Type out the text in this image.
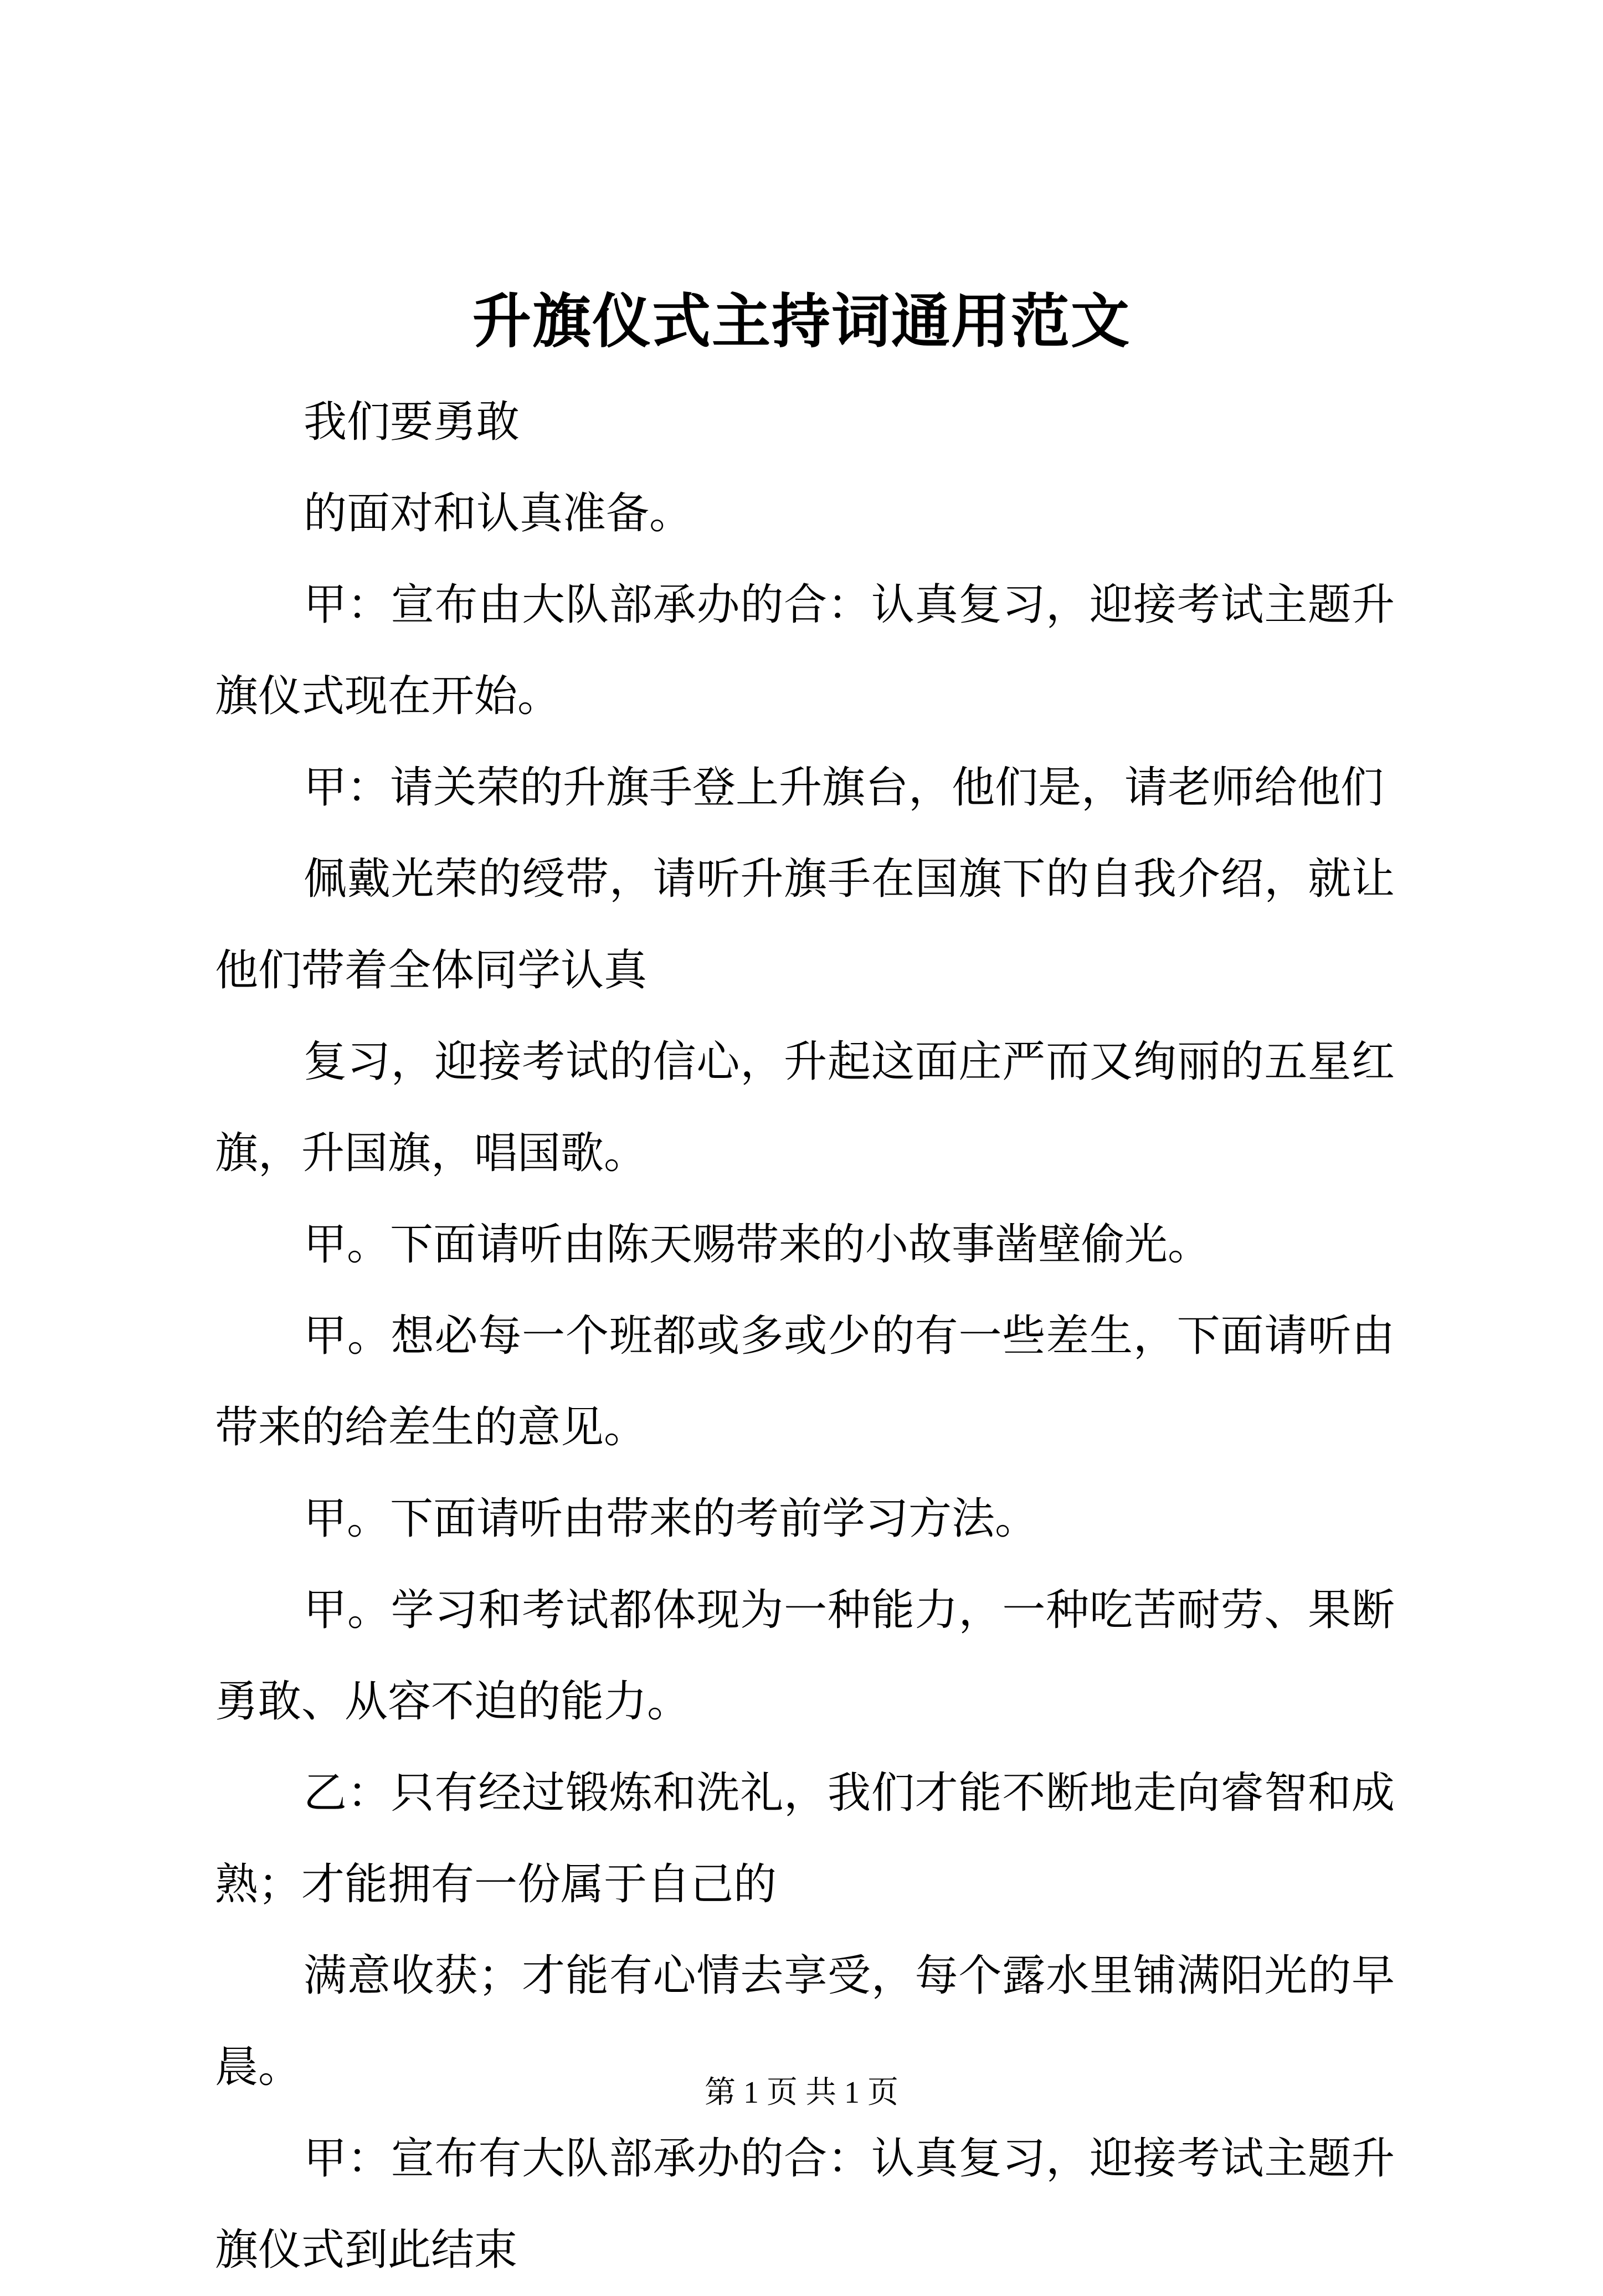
升旗仪式主持词通用范文

我们要勇敢

的面对和认真准备。

甲：宣布由大队部承办的合：认真复习，迎接考试主题升旗仪式现在开始。

甲：请关荣的升旗手登上升旗台，他们是，请老师给他们

佩戴光荣的绶带，请听升旗手在国旗下的自我介绍，就让他们带着全体同学认真

复习，迎接考试的信心，升起这面庄严而又绚丽的五星红旗，升国旗，唱国歌。

甲。下面请听由陈天赐带来的小故事凿壁偷光。

甲。想必每一个班都或多或少的有一些差生，下面请听由带来的给差生的意见。

甲。下面请听由带来的考前学习方法。

甲。学习和考试都体现为一种能力，一种吃苦耐劳、果断勇敢、从容不迫的能力。

乙：只有经过锻炼和洗礼，我们才能不断地走向睿智和成熟；才能拥有一份属于自己的

满意收获；才能有心情去享受，每个露水里铺满阳光的早晨。

甲：宣布有大队部承办的合：认真复习，迎接考试主题升旗仪式到此结束

第 1 页 共 1 页
